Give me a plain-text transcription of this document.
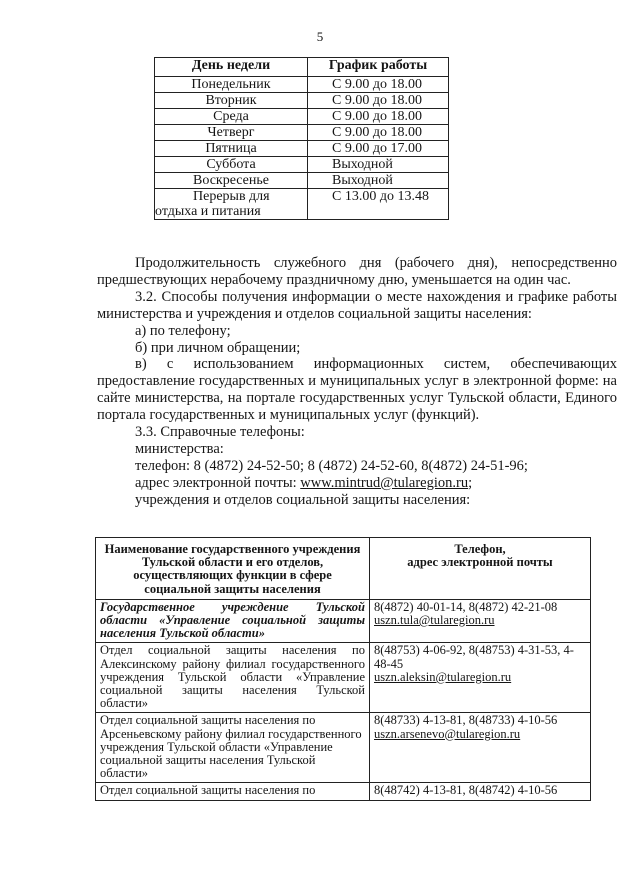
5
День недели	График работы
Понедельник	С 9.00 до 18.00
Вторник	С 9.00 до 18.00
Среда	С 9.00 до 18.00
Четверг	С 9.00 до 18.00
Пятница	С 9.00 до 17.00
Суббота	Выходной
Воскресенье	Выходной

Перерыв для
отдыха и питания	С 13.00 до 13.48

Продолжительность служебного дня (рабочего дня), непосредственно предшествующих нерабочему праздничному дню, уменьшается на один час.

3.2. Способы получения информации о месте нахождения и графике работы министерства и учреждения и отделов социальной защиты населения:

а) по телефону;

б) при личном обращении;

в) с использованием информационных систем, обеспечивающих предоставление государственных и муниципальных услуг в электронной форме: на сайте министерства, на портале государственных услуг Тульской области, Единого портала государственных и муниципальных услуг (функций).

3.3. Справочные телефоны:

министерства:

телефон: 8 (4872) 24-52-50; 8 (4872) 24-52-60, 8(4872) 24-51-96;

адрес электронной почты: www.mintrud@tularegion.ru;

учреждения и отделов социальной защиты населения:

Наименование государственного учреждения Тульской области и его отделов, осуществляющих функции в сфере социальной защиты населения	Телефон,
адрес электронной почты

Государственное учреждение Тульской области «Управление социальной защиты населения Тульской области»	8(4872) 40-01-14, 8(4872) 42-21-08
uszn.tula@tularegion.ru

Отдел социальной защиты населения по Алексинскому району филиал государственного учреждения Тульской области «Управление социальной защиты населения Тульской области»	8(48753) 4-06-92, 8(48753) 4-31-53, 4-48-45
uszn.aleksin@tularegion.ru

Отдел социальной защиты населения по Арсеньевскому району филиал государственного учреждения Тульской области «Управление социальной защиты населения Тульской области»	8(48733) 4-13-81, 8(48733) 4-10-56
uszn.arsenevo@tularegion.ru

Отдел социальной защиты населения по	8(48742) 4-13-81, 8(48742) 4-10-56
